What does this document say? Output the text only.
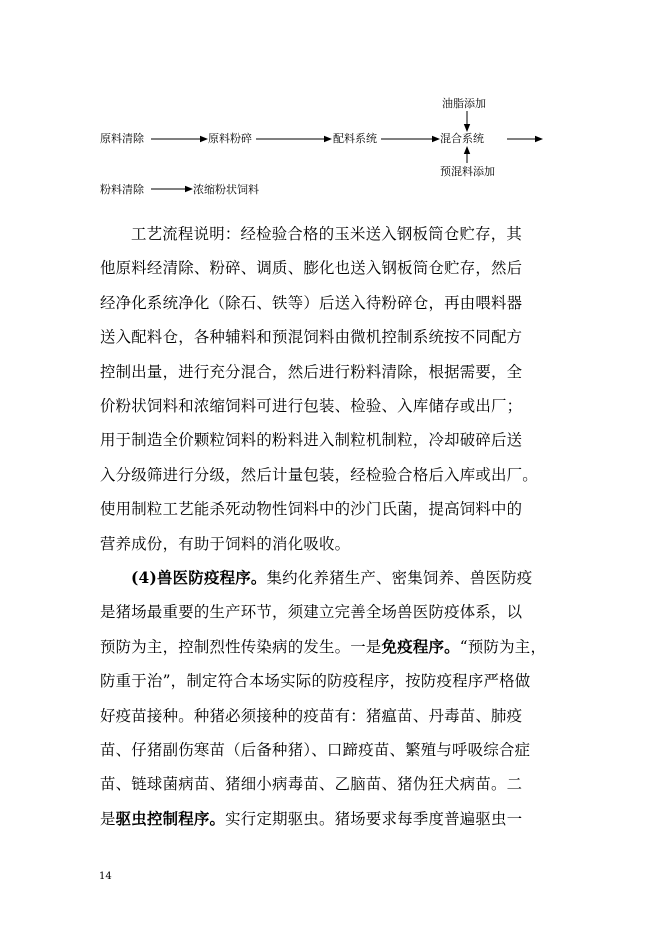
油脂添加
原料清除	原料粉碎	配料系统	混合系统
预混料添加
粉料清除	浓缩粉状饲料

工艺流程说明：经检验合格的玉米送入钢板筒仓贮存，其

他原料经清除、粉碎、调质、膨化也送入钢板筒仓贮存，然后

经净化系统净化（除石、铁等）后送入待粉碎仓，再由喂料器

送入配料仓，各种辅料和预混饲料由微机控制系统按不同配方

控制出量，进行充分混合，然后进行粉料清除，根据需要，全

价粉状饲料和浓缩饲料可进行包装、检验、入库储存或出厂；

用于制造全价颗粒饲料的粉料进入制粒机制粒，冷却破碎后送

入分级筛进行分级，然后计量包装，经检验合格后入库或出厂。

使用制粒工艺能杀死动物性饲料中的沙门氏菌，提高饲料中的

营养成份，有助于饲料的消化吸收。

(4)兽医防疫程序。集约化养猪生产、密集饲养、兽医防疫

是猪场最重要的生产环节，须建立完善全场兽医防疫体系，以

预防为主，控制烈性传染病的发生。一是免疫程序。“预防为主，

防重于治”，制定符合本场实际的防疫程序，按防疫程序严格做

好疫苗接种。种猪必须接种的疫苗有：猪瘟苗、丹毒苗、肺疫

苗、仔猪副伤寒苗（后备种猪）、口蹄疫苗、繁殖与呼吸综合症

苗、链球菌病苗、猪细小病毒苗、乙脑苗、猪伪狂犬病苗。二

是驱虫控制程序。实行定期驱虫。猪场要求每季度普遍驱虫一

14
